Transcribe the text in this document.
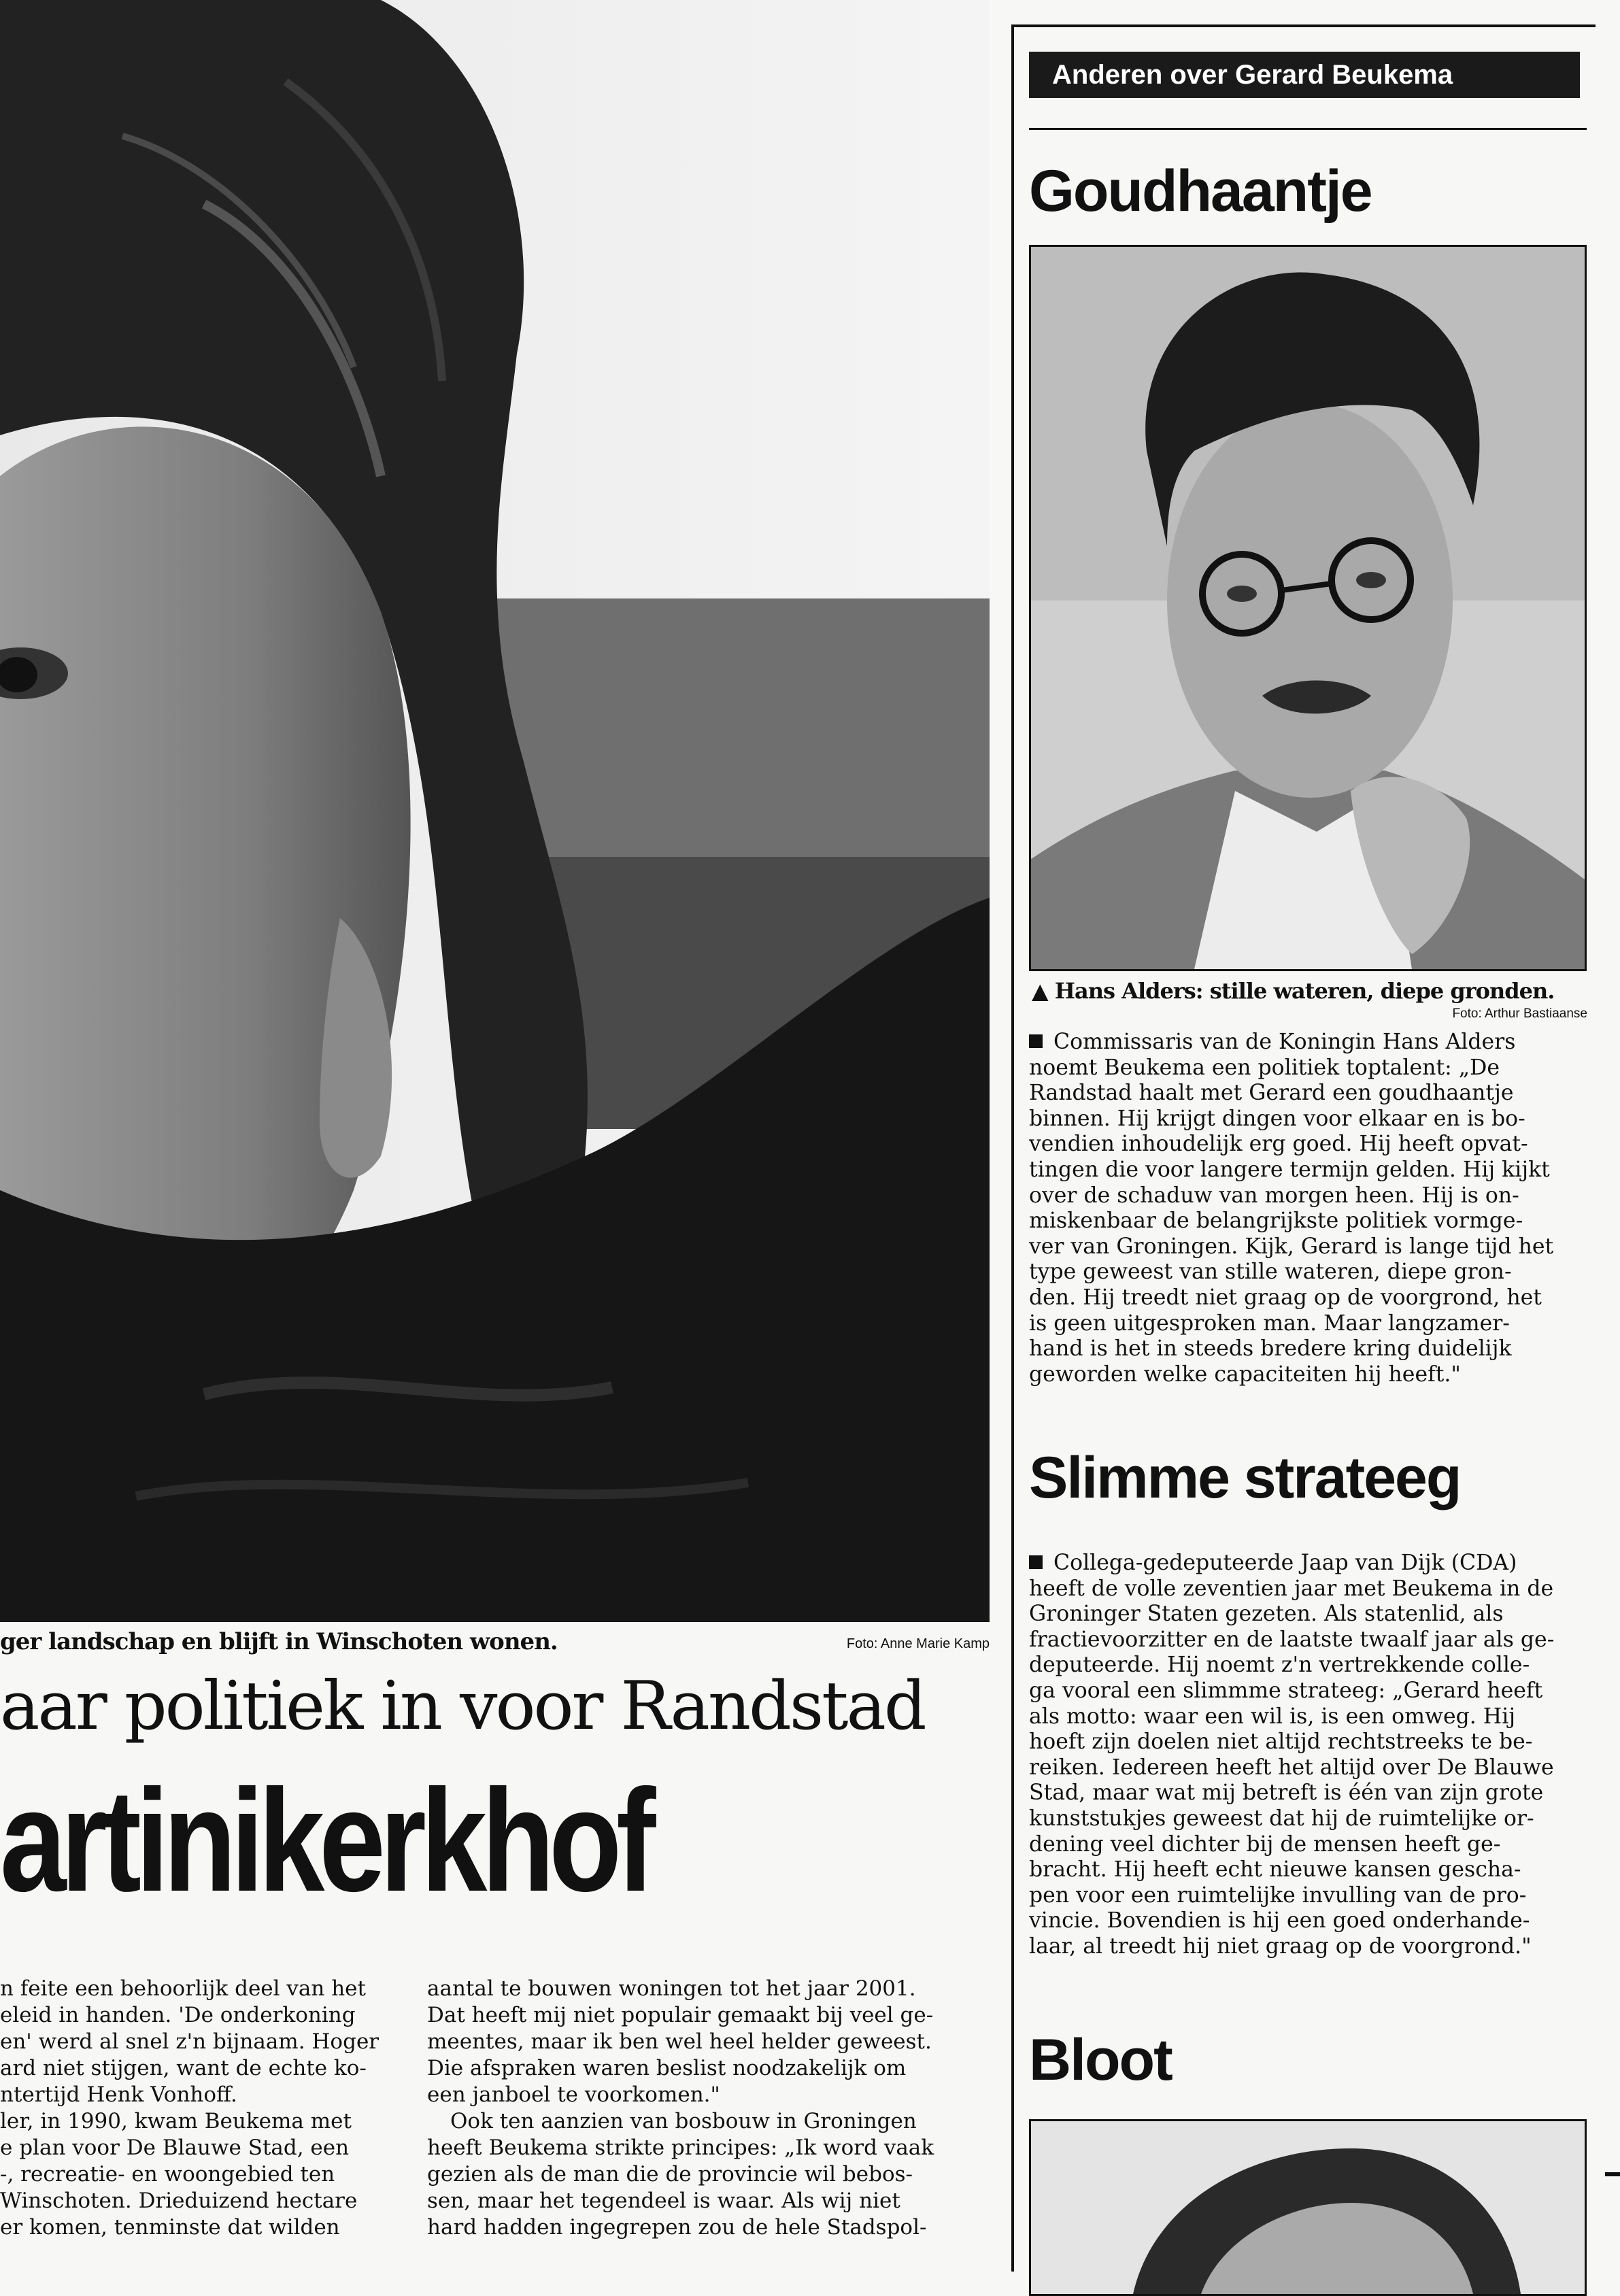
ger landschap en blijft in Winschoten wonen.	Foto: Anne Marie Kamp
aar politiek in voor Randstad
artinikerkhof

n feite een behoorlijk deel van het

eleid in handen. 'De onderkoning

en' werd al snel z'n bijnaam. Hoger

ard niet stijgen, want de echte ko-

ntertijd Henk Vonhoff.

ler, in 1990, kwam Beukema met

e plan voor De Blauwe Stad, een

-, recreatie- en woongebied ten

Winschoten. Drieduizend hectare

er komen, tenminste dat wilden

aantal te bouwen woningen tot het jaar 2001.

Dat heeft mij niet populair gemaakt bij veel ge-

meentes, maar ik ben wel heel helder geweest.

Die afspraken waren beslist noodzakelijk om

een janboel te voorkomen."

Ook ten aanzien van bosbouw in Groningen

heeft Beukema strikte principes: „Ik word vaak

gezien als de man die de provincie wil bebos-

sen, maar het tegendeel is waar. Als wij niet

hard hadden ingegrepen zou de hele Stadspol-

Anderen over Gerard Beukema
Goudhaantje
▲ Hans Alders: stille wateren, diepe gronden.
Foto: Arthur Bastiaanse

Commissaris van de Koningin Hans Alders

noemt Beukema een politiek toptalent: „De

Randstad haalt met Gerard een goudhaantje

binnen. Hij krijgt dingen voor elkaar en is bo-

vendien inhoudelijk erg goed. Hij heeft opvat-

tingen die voor langere termijn gelden. Hij kijkt

over de schaduw van morgen heen. Hij is on-

miskenbaar de belangrijkste politiek vormge-

ver van Groningen. Kijk, Gerard is lange tijd het

type geweest van stille wateren, diepe gron-

den. Hij treedt niet graag op de voorgrond, het

is geen uitgesproken man. Maar langzamer-

hand is het in steeds bredere kring duidelijk

geworden welke capaciteiten hij heeft."

Slimme strateeg

Collega-gedeputeerde Jaap van Dijk (CDA)

heeft de volle zeventien jaar met Beukema in de

Groninger Staten gezeten. Als statenlid, als

fractievoorzitter en de laatste twaalf jaar als ge-

deputeerde. Hij noemt z'n vertrekkende colle-

ga vooral een slimmme strateeg: „Gerard heeft

als motto: waar een wil is, is een omweg. Hij

hoeft zijn doelen niet altijd rechtstreeks te be-

reiken. Iedereen heeft het altijd over De Blauwe

Stad, maar wat mij betreft is één van zijn grote

kunststukjes geweest dat hij de ruimtelijke or-

dening veel dichter bij de mensen heeft ge-

bracht. Hij heeft echt nieuwe kansen gescha-

pen voor een ruimtelijke invulling van de pro-

vincie. Bovendien is hij een goed onderhande-

laar, al treedt hij niet graag op de voorgrond."

Bloot
